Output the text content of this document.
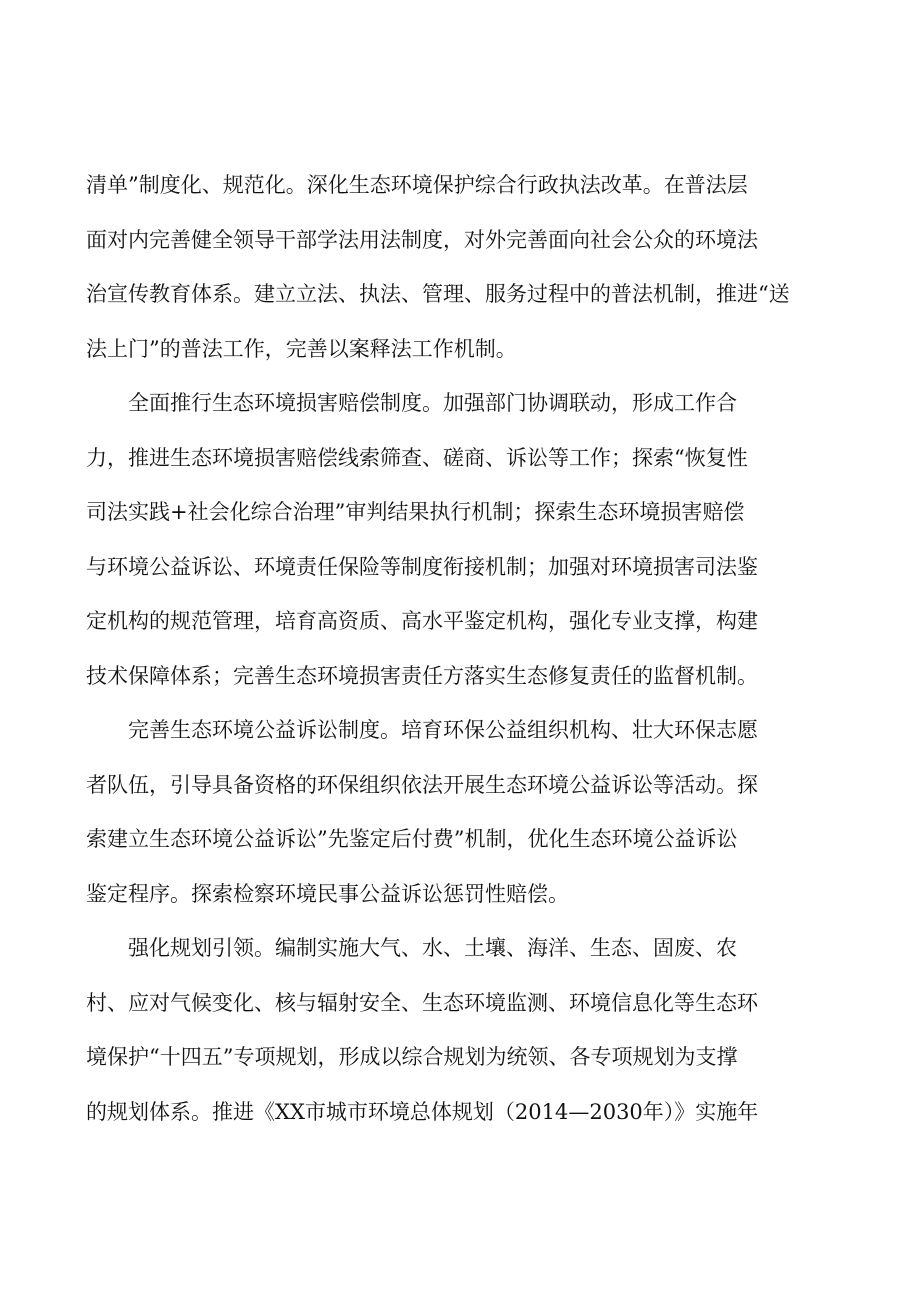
清单”制度化、规范化。深化生态环境保护综合行政执法改革。在普法层
面对内完善健全领导干部学法用法制度，对外完善面向社会公众的环境法
治宣传教育体系。建立立法、执法、管理、服务过程中的普法机制，推进“送
法上门”的普法工作，完善以案释法工作机制。
全面推行生态环境损害赔偿制度。加强部门协调联动，形成工作合
力，推进生态环境损害赔偿线索筛查、磋商、诉讼等工作；探索“恢复性
司法实践+社会化综合治理”审判结果执行机制；探索生态环境损害赔偿
与环境公益诉讼、环境责任保险等制度衔接机制；加强对环境损害司法鉴
定机构的规范管理，培育高资质、高水平鉴定机构，强化专业支撑，构建
技术保障体系；完善生态环境损害责任方落实生态修复责任的监督机制。
完善生态环境公益诉讼制度。培育环保公益组织机构、壮大环保志愿
者队伍，引导具备资格的环保组织依法开展生态环境公益诉讼等活动。探
索建立生态环境公益诉讼”先鉴定后付费”机制，优化生态环境公益诉讼
鉴定程序。探索检察环境民事公益诉讼惩罚性赔偿。
强化规划引领。编制实施大气、水、土壤、海洋、生态、固废、农
村、应对气候变化、核与辐射安全、生态环境监测、环境信息化等生态环
境保护“十四五”专项规划，形成以综合规划为统领、各专项规划为支撑
的规划体系。推进《XX市城市环境总体规划（2014—2030年）》实施年
